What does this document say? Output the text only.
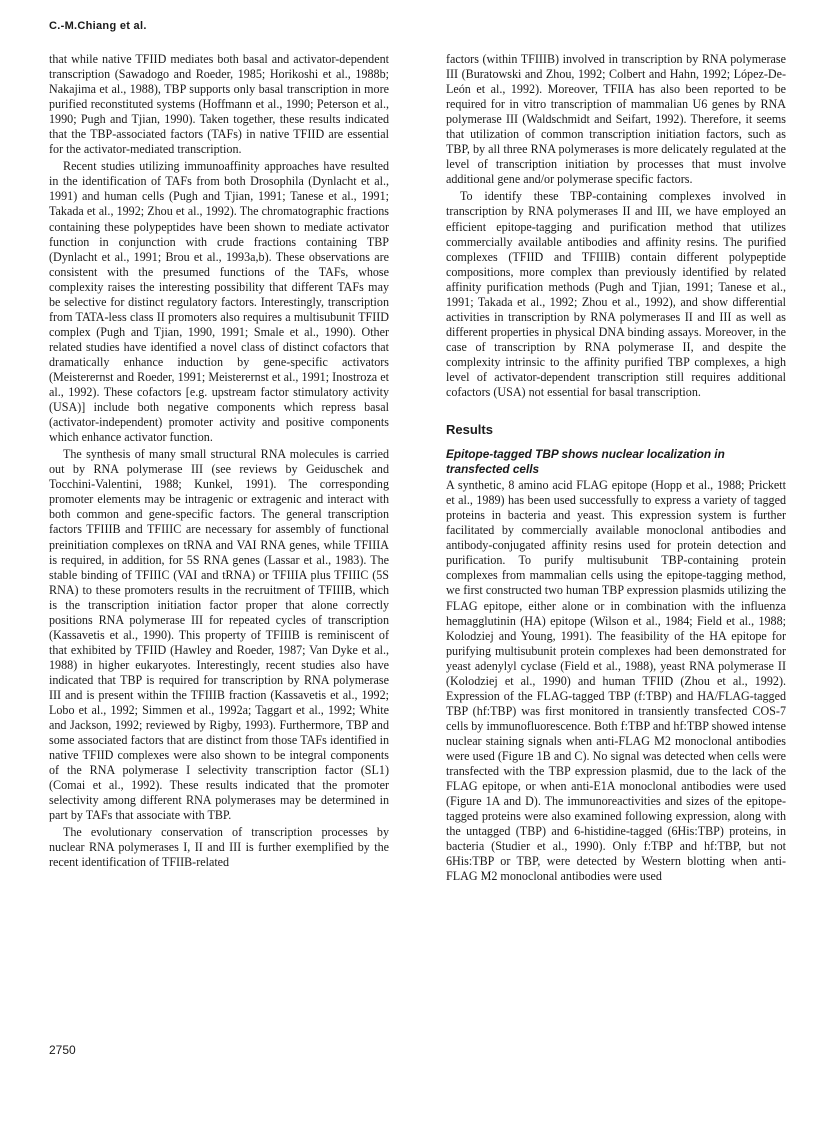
C.-M.Chiang et al.

that while native TFIID mediates both basal and activator-dependent transcription (Sawadogo and Roeder, 1985; Horikoshi et al., 1988b; Nakajima et al., 1988), TBP supports only basal transcription in more purified reconstituted systems (Hoffmann et al., 1990; Peterson et al., 1990; Pugh and Tjian, 1990). Taken together, these results indicated that the TBP-associated factors (TAFs) in native TFIID are essential for the activator-mediated transcription.

Recent studies utilizing immunoaffinity approaches have resulted in the identification of TAFs from both Drosophila (Dynlacht et al., 1991) and human cells (Pugh and Tjian, 1991; Tanese et al., 1991; Takada et al., 1992; Zhou et al., 1992). The chromatographic fractions containing these polypeptides have been shown to mediate activator function in conjunction with crude fractions containing TBP (Dynlacht et al., 1991; Brou et al., 1993a,b). These observations are consistent with the presumed functions of the TAFs, whose complexity raises the interesting possibility that different TAFs may be selective for distinct regulatory factors. Interestingly, transcription from TATA-less class II promoters also requires a multisubunit TFIID complex (Pugh and Tjian, 1990, 1991; Smale et al., 1990). Other related studies have identified a novel class of distinct cofactors that dramatically enhance induction by gene-specific activators (Meisterernst and Roeder, 1991; Meisterernst et al., 1991; Inostroza et al., 1992). These cofactors [e.g. upstream factor stimulatory activity (USA)] include both negative components which repress basal (activator-independent) promoter activity and positive components which enhance activator function.

The synthesis of many small structural RNA molecules is carried out by RNA polymerase III (see reviews by Geiduschek and Tocchini-Valentini, 1988; Kunkel, 1991). The corresponding promoter elements may be intragenic or extragenic and interact with both common and gene-specific factors. The general transcription factors TFIIIB and TFIIIC are necessary for assembly of functional preinitiation complexes on tRNA and VAI RNA genes, while TFIIIA is required, in addition, for 5S RNA genes (Lassar et al., 1983). The stable binding of TFIIIC (VAI and tRNA) or TFIIIA plus TFIIIC (5S RNA) to these promoters results in the recruitment of TFIIIB, which is the transcription initiation factor proper that alone correctly positions RNA polymerase III for repeated cycles of transcription (Kassavetis et al., 1990). This property of TFIIIB is reminiscent of that exhibited by TFIID (Hawley and Roeder, 1987; Van Dyke et al., 1988) in higher eukaryotes. Interestingly, recent studies also have indicated that TBP is required for transcription by RNA polymerase III and is present within the TFIIIB fraction (Kassavetis et al., 1992; Lobo et al., 1992; Simmen et al., 1992a; Taggart et al., 1992; White and Jackson, 1992; reviewed by Rigby, 1993). Furthermore, TBP and some associated factors that are distinct from those TAFs identified in native TFIID complexes were also shown to be integral components of the RNA polymerase I selectivity transcription factor (SL1) (Comai et al., 1992). These results indicated that the promoter selectivity among different RNA polymerases may be determined in part by TAFs that associate with TBP.

The evolutionary conservation of transcription processes by nuclear RNA polymerases I, II and III is further exemplified by the recent identification of TFIIB-related

factors (within TFIIIB) involved in transcription by RNA polymerase III (Buratowski and Zhou, 1992; Colbert and Hahn, 1992; López-De-León et al., 1992). Moreover, TFIIA has also been reported to be required for in vitro transcription of mammalian U6 genes by RNA polymerase III (Waldschmidt and Seifart, 1992). Therefore, it seems that utilization of common transcription initiation factors, such as TBP, by all three RNA polymerases is more delicately regulated at the level of transcription initiation by processes that must involve additional gene and/or polymerase specific factors.

To identify these TBP-containing complexes involved in transcription by RNA polymerases II and III, we have employed an efficient epitope-tagging and purification method that utilizes commercially available antibodies and affinity resins. The purified complexes (TFIID and TFIIIB) contain different polypeptide compositions, more complex than previously identified by related affinity purification methods (Pugh and Tjian, 1991; Tanese et al., 1991; Takada et al., 1992; Zhou et al., 1992), and show differential activities in transcription by RNA polymerases II and III as well as different properties in physical DNA binding assays. Moreover, in the case of transcription by RNA polymerase II, and despite the complexity intrinsic to the affinity purified TBP complexes, a high level of activator-dependent transcription still requires additional cofactors (USA) not essential for basal transcription.

Results
Epitope-tagged TBP shows nuclear localization in transfected cells

A synthetic, 8 amino acid FLAG epitope (Hopp et al., 1988; Prickett et al., 1989) has been used successfully to express a variety of tagged proteins in bacteria and yeast. This expression system is further facilitated by commercially available monoclonal antibodies and antibody-conjugated affinity resins used for protein detection and purification. To purify multisubunit TBP-containing protein complexes from mammalian cells using the epitope-tagging method, we first constructed two human TBP expression plasmids utilizing the FLAG epitope, either alone or in combination with the influenza hemagglutinin (HA) epitope (Wilson et al., 1984; Field et al., 1988; Kolodziej and Young, 1991). The feasibility of the HA epitope for purifying multisubunit protein complexes had been demonstrated for yeast adenylyl cyclase (Field et al., 1988), yeast RNA polymerase II (Kolodziej et al., 1990) and human TFIID (Zhou et al., 1992). Expression of the FLAG-tagged TBP (f:TBP) and HA/FLAG-tagged TBP (hf:TBP) was first monitored in transiently transfected COS-7 cells by immunofluorescence. Both f:TBP and hf:TBP showed intense nuclear staining signals when anti-FLAG M2 monoclonal antibodies were used (Figure 1B and C). No signal was detected when cells were transfected with the TBP expression plasmid, due to the lack of the FLAG epitope, or when anti-E1A monoclonal antibodies were used (Figure 1A and D). The immunoreactivities and sizes of the epitope-tagged proteins were also examined following expression, along with the untagged (TBP) and 6-histidine-tagged (6His:TBP) proteins, in bacteria (Studier et al., 1990). Only f:TBP and hf:TBP, but not 6His:TBP or TBP, were detected by Western blotting when anti-FLAG M2 monoclonal antibodies were used

2750
